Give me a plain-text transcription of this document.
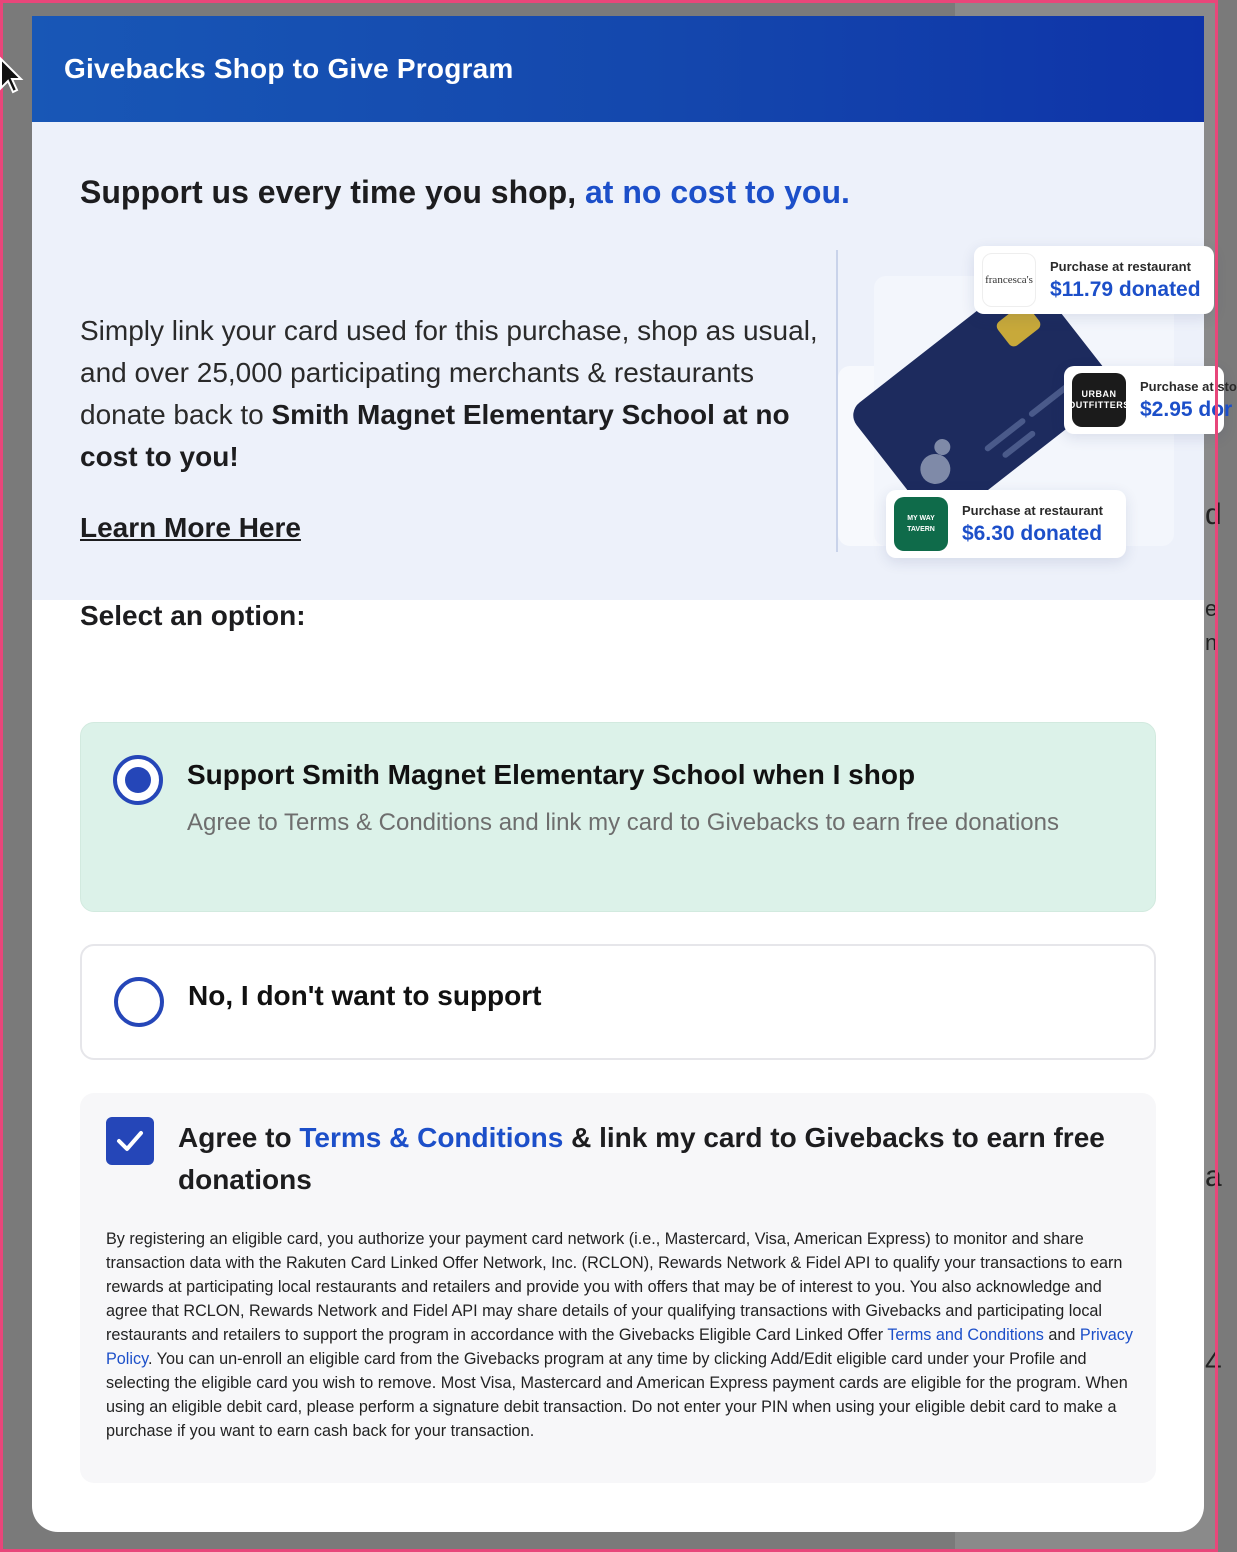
d
e
n
a
4
Givebacks Shop to Give Program
Support us every time you shop, at no cost to you.

Simply link your card used for this purchase, shop as usual, and over 25,000 participating merchants & restaurants donate back to Smith Magnet Elementary School at no cost to you!

Learn More Here
francesca's
Purchase at restaurant
$11.79 donated
URBAN OUTFITTERS
Purchase at sto
$2.95 dor
MY WAY TAVERN
Purchase at restaurant
$6.30 donated
Select an option:
Support Smith Magnet Elementary School when I shop
Agree to Terms & Conditions and link my card to Givebacks to earn free donations
No, I don't want to support
Agree to Terms & Conditions & link my card to Givebacks to earn free donations

By registering an eligible card, you authorize your payment card network (i.e., Mastercard, Visa, American Express) to monitor and share transaction data with the Rakuten Card Linked Offer Network, Inc. (RCLON), Rewards Network & Fidel API to qualify your transactions to earn rewards at participating local restaurants and retailers and provide you with offers that may be of interest to you. You also acknowledge and agree that RCLON, Rewards Network and Fidel API may share details of your qualifying transactions with Givebacks and participating local restaurants and retailers to support the program in accordance with the Givebacks Eligible Card Linked Offer Terms and Conditions and Privacy Policy. You can un-enroll an eligible card from the Givebacks program at any time by clicking Add/Edit eligible card under your Profile and selecting the eligible card you wish to remove. Most Visa, Mastercard and American Express payment cards are eligible for the program. When using an eligible debit card, please perform a signature debit transaction. Do not enter your PIN when using your eligible debit card to make a purchase if you want to earn cash back for your transaction.
